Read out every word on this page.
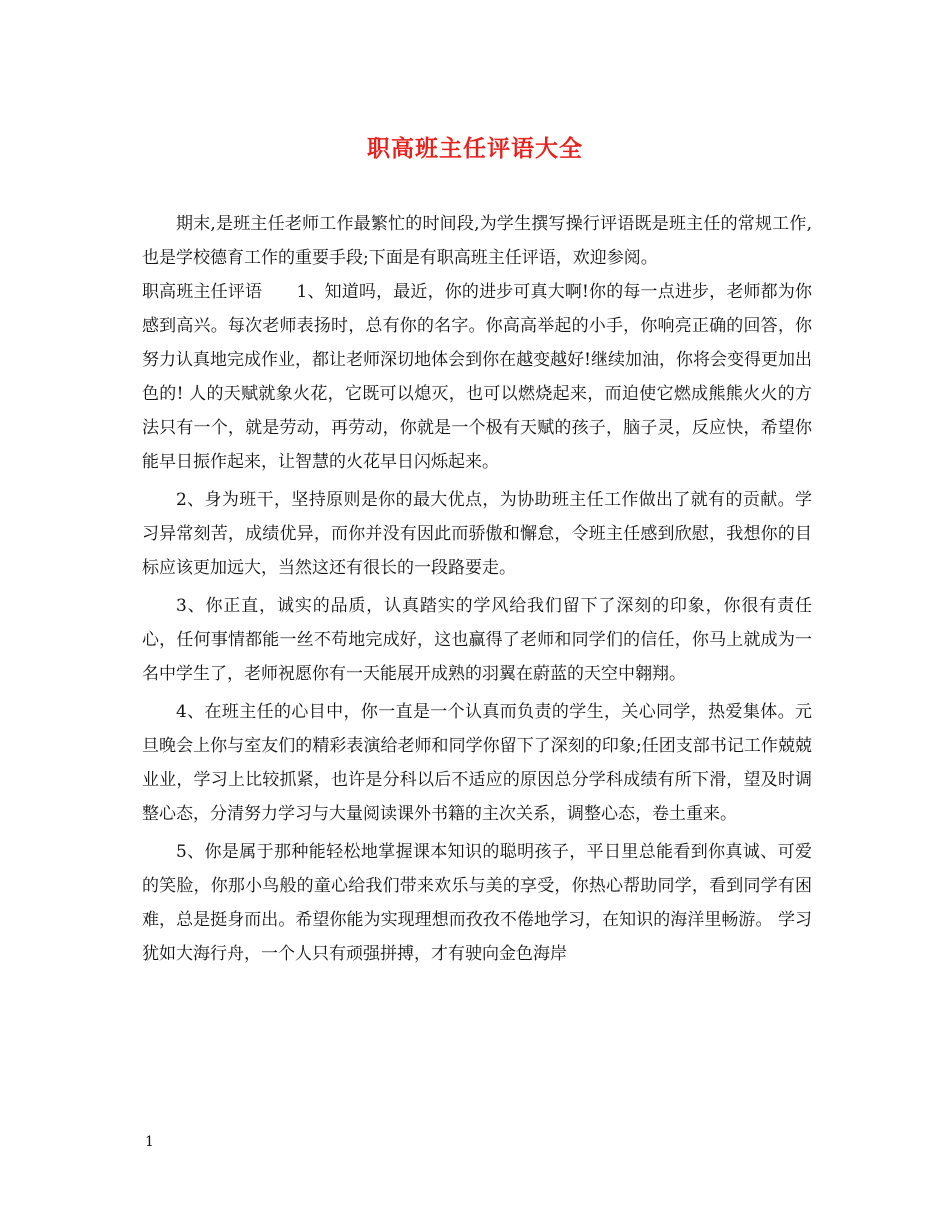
职高班主任评语大全

期末,是班主任老师工作最繁忙的时间段,为学生撰写操行评语既是班主任的常规工作,也是学校德育工作的重要手段;下面是有职高班主任评语，欢迎参阅。

职高班主任评语　　1、知道吗，最近，你的进步可真大啊!你的每一点进步，老师都为你感到高兴。每次老师表扬时，总有你的名字。你高高举起的小手，你响亮正确的回答，你努力认真地完成作业，都让老师深切地体会到你在越变越好!继续加油，你将会变得更加出色的! 人的天赋就象火花，它既可以熄灭，也可以燃烧起来，而迫使它燃成熊熊火火的方法只有一个，就是劳动，再劳动，你就是一个极有天赋的孩子，脑子灵，反应快，希望你能早日振作起来，让智慧的火花早日闪烁起来。

2、身为班干，坚持原则是你的最大优点，为协助班主任工作做出了就有的贡献。学习异常刻苦，成绩优异，而你并没有因此而骄傲和懈怠，令班主任感到欣慰，我想你的目标应该更加远大，当然这还有很长的一段路要走。

3、你正直，诚实的品质，认真踏实的学风给我们留下了深刻的印象，你很有责任心，任何事情都能一丝不苟地完成好，这也赢得了老师和同学们的信任，你马上就成为一名中学生了，老师祝愿你有一天能展开成熟的羽翼在蔚蓝的天空中翱翔。

4、在班主任的心目中，你一直是一个认真而负责的学生，关心同学，热爱集体。元旦晚会上你与室友们的精彩表演给老师和同学你留下了深刻的印象;任团支部书记工作兢兢业业，学习上比较抓紧，也许是分科以后不适应的原因总分学科成绩有所下滑，望及时调整心态，分清努力学习与大量阅读课外书籍的主次关系，调整心态，卷土重来。

5、你是属于那种能轻松地掌握课本知识的聪明孩子，平日里总能看到你真诚、可爱的笑脸，你那小鸟般的童心给我们带来欢乐与美的享受，你热心帮助同学，看到同学有困难，总是挺身而出。希望你能为实现理想而孜孜不倦地学习，在知识的海洋里畅游。 学习犹如大海行舟，一个人只有顽强拼搏，才有驶向金色海岸

1
